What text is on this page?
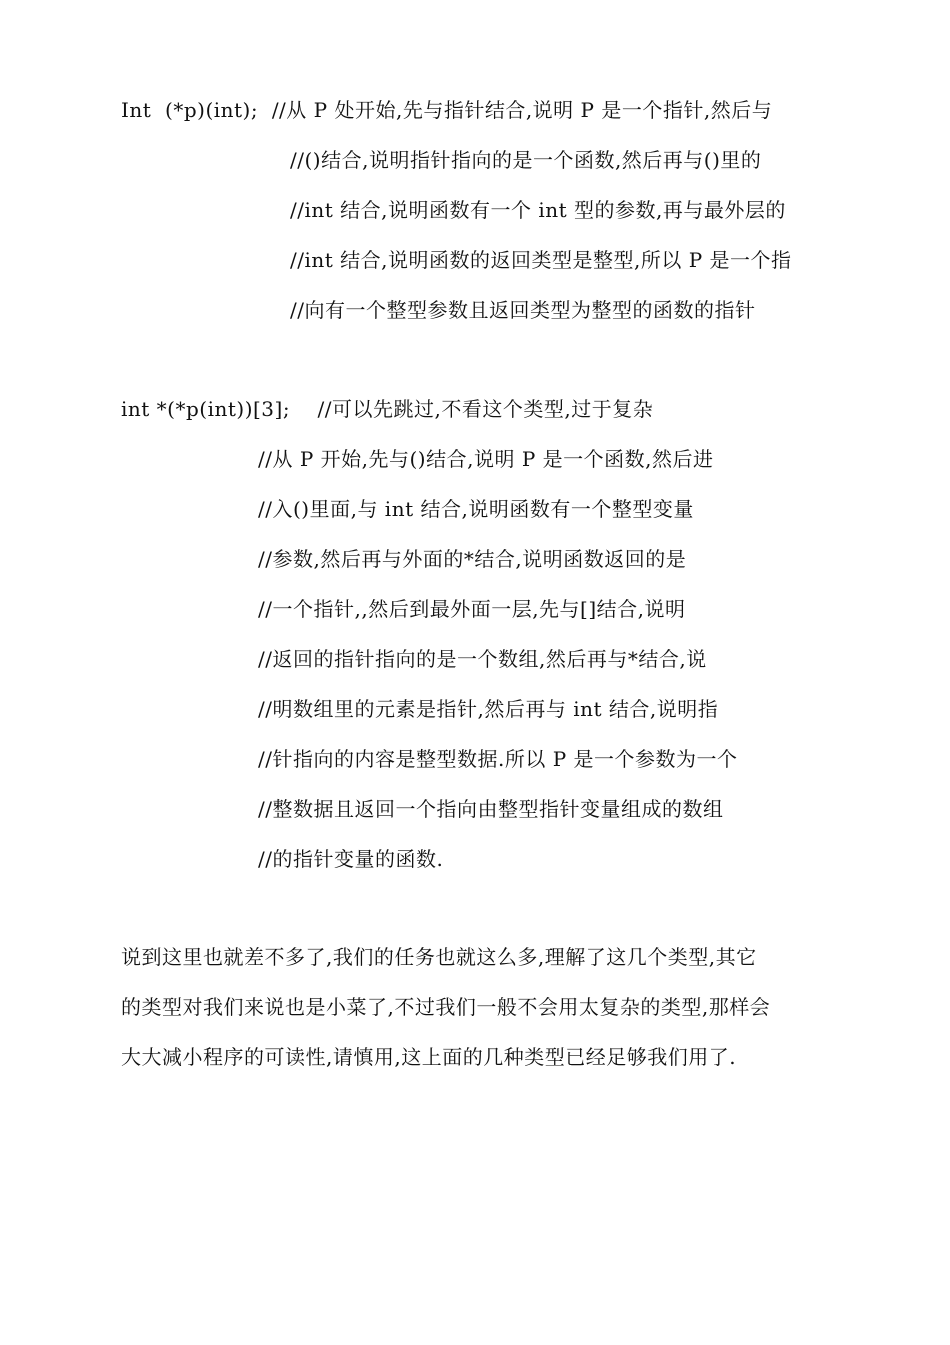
Int  (*p)(int);  //从 P 处开始,先与指针结合,说明 P 是一个指针,然后与
//()结合,说明指针指向的是一个函数,然后再与()里的
//int 结合,说明函数有一个 int 型的参数,再与最外层的
//int 结合,说明函数的返回类型是整型,所以 P 是一个指
//向有一个整型参数且返回类型为整型的函数的指针
int *(*p(int))[3];    //可以先跳过,不看这个类型,过于复杂
//从 P 开始,先与()结合,说明 P 是一个函数,然后进
//入()里面,与 int 结合,说明函数有一个整型变量
//参数,然后再与外面的*结合,说明函数返回的是
//一个指针,,然后到最外面一层,先与[]结合,说明
//返回的指针指向的是一个数组,然后再与*结合,说
//明数组里的元素是指针,然后再与 int 结合,说明指
//针指向的内容是整型数据.所以 P 是一个参数为一个
//整数据且返回一个指向由整型指针变量组成的数组
//的指针变量的函数.
说到这里也就差不多了,我们的任务也就这么多,理解了这几个类型,其它
的类型对我们来说也是小菜了,不过我们一般不会用太复杂的类型,那样会
大大减小程序的可读性,请慎用,这上面的几种类型已经足够我们用了.
